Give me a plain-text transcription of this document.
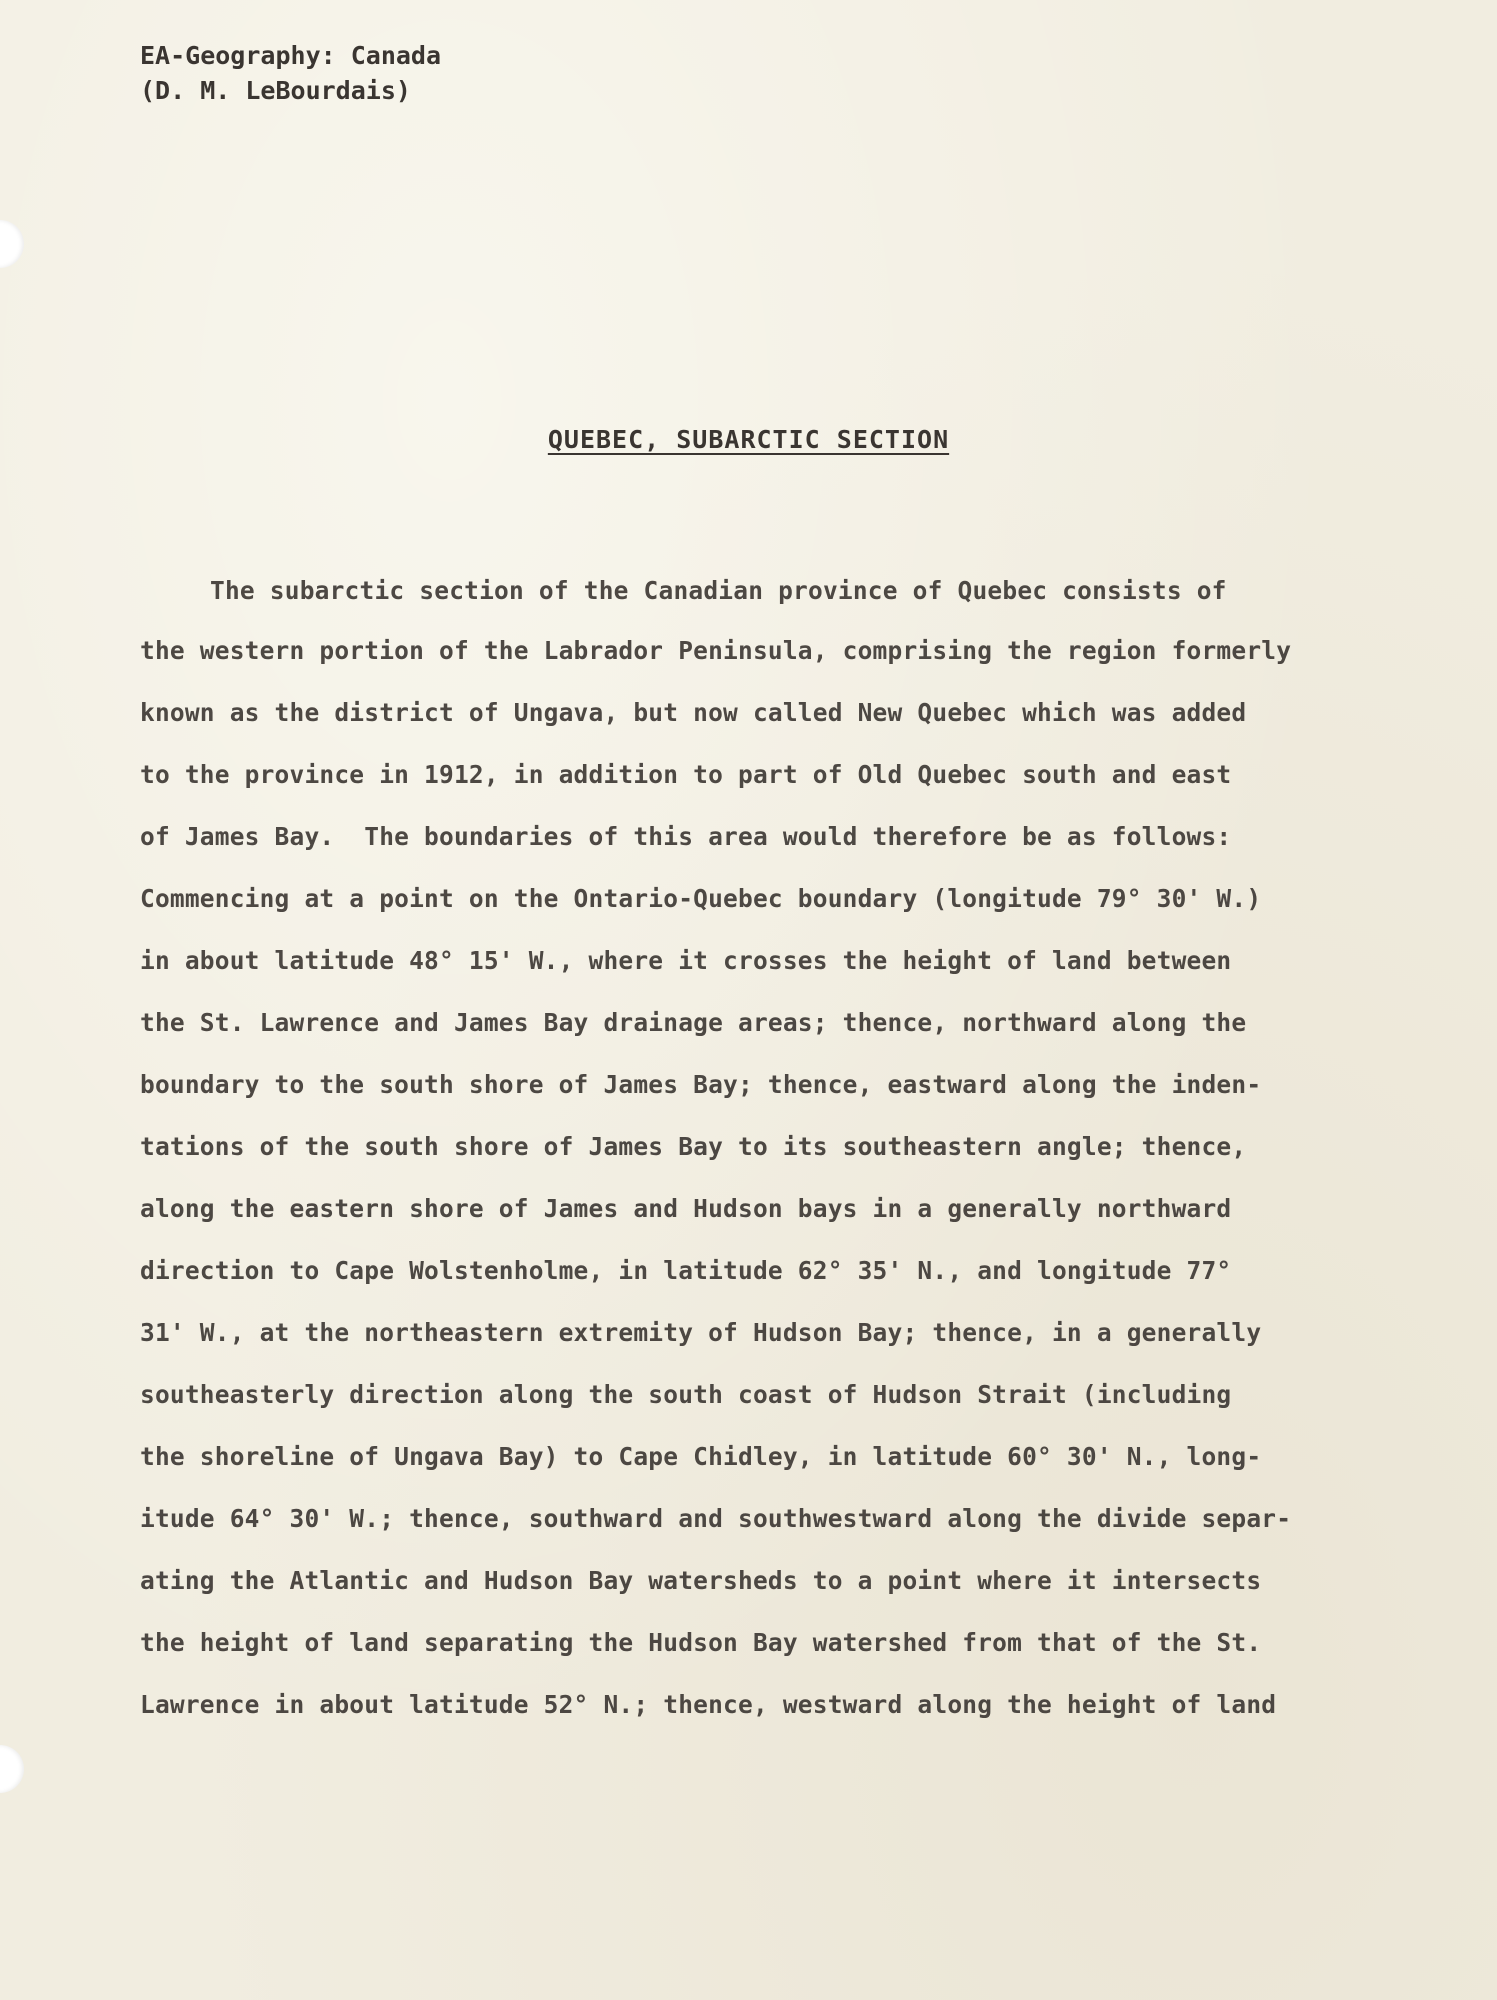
EA-Geography: Canada
(D. M. LeBourdais)
QUEBEC, SUBARCTIC SECTION
The subarctic section of the Canadian province of Quebec consists of
the western portion of the Labrador Peninsula, comprising the region formerly
known as the district of Ungava, but now called New Quebec which was added
to the province in 1912, in addition to part of Old Quebec south and east
of James Bay.  The boundaries of this area would therefore be as follows:
Commencing at a point on the Ontario-Quebec boundary (longitude 79° 30' W.)
in about latitude 48° 15' W., where it crosses the height of land between
the St. Lawrence and James Bay drainage areas; thence, northward along the
boundary to the south shore of James Bay; thence, eastward along the inden-
tations of the south shore of James Bay to its southeastern angle; thence,
along the eastern shore of James and Hudson bays in a generally northward
direction to Cape Wolstenholme, in latitude 62° 35' N., and longitude 77°
31' W., at the northeastern extremity of Hudson Bay; thence, in a generally
southeasterly direction along the south coast of Hudson Strait (including
the shoreline of Ungava Bay) to Cape Chidley, in latitude 60° 30' N., long-
itude 64° 30' W.; thence, southward and southwestward along the divide separ-
ating the Atlantic and Hudson Bay watersheds to a point where it intersects
the height of land separating the Hudson Bay watershed from that of the St.
Lawrence in about latitude 52° N.; thence, westward along the height of land
